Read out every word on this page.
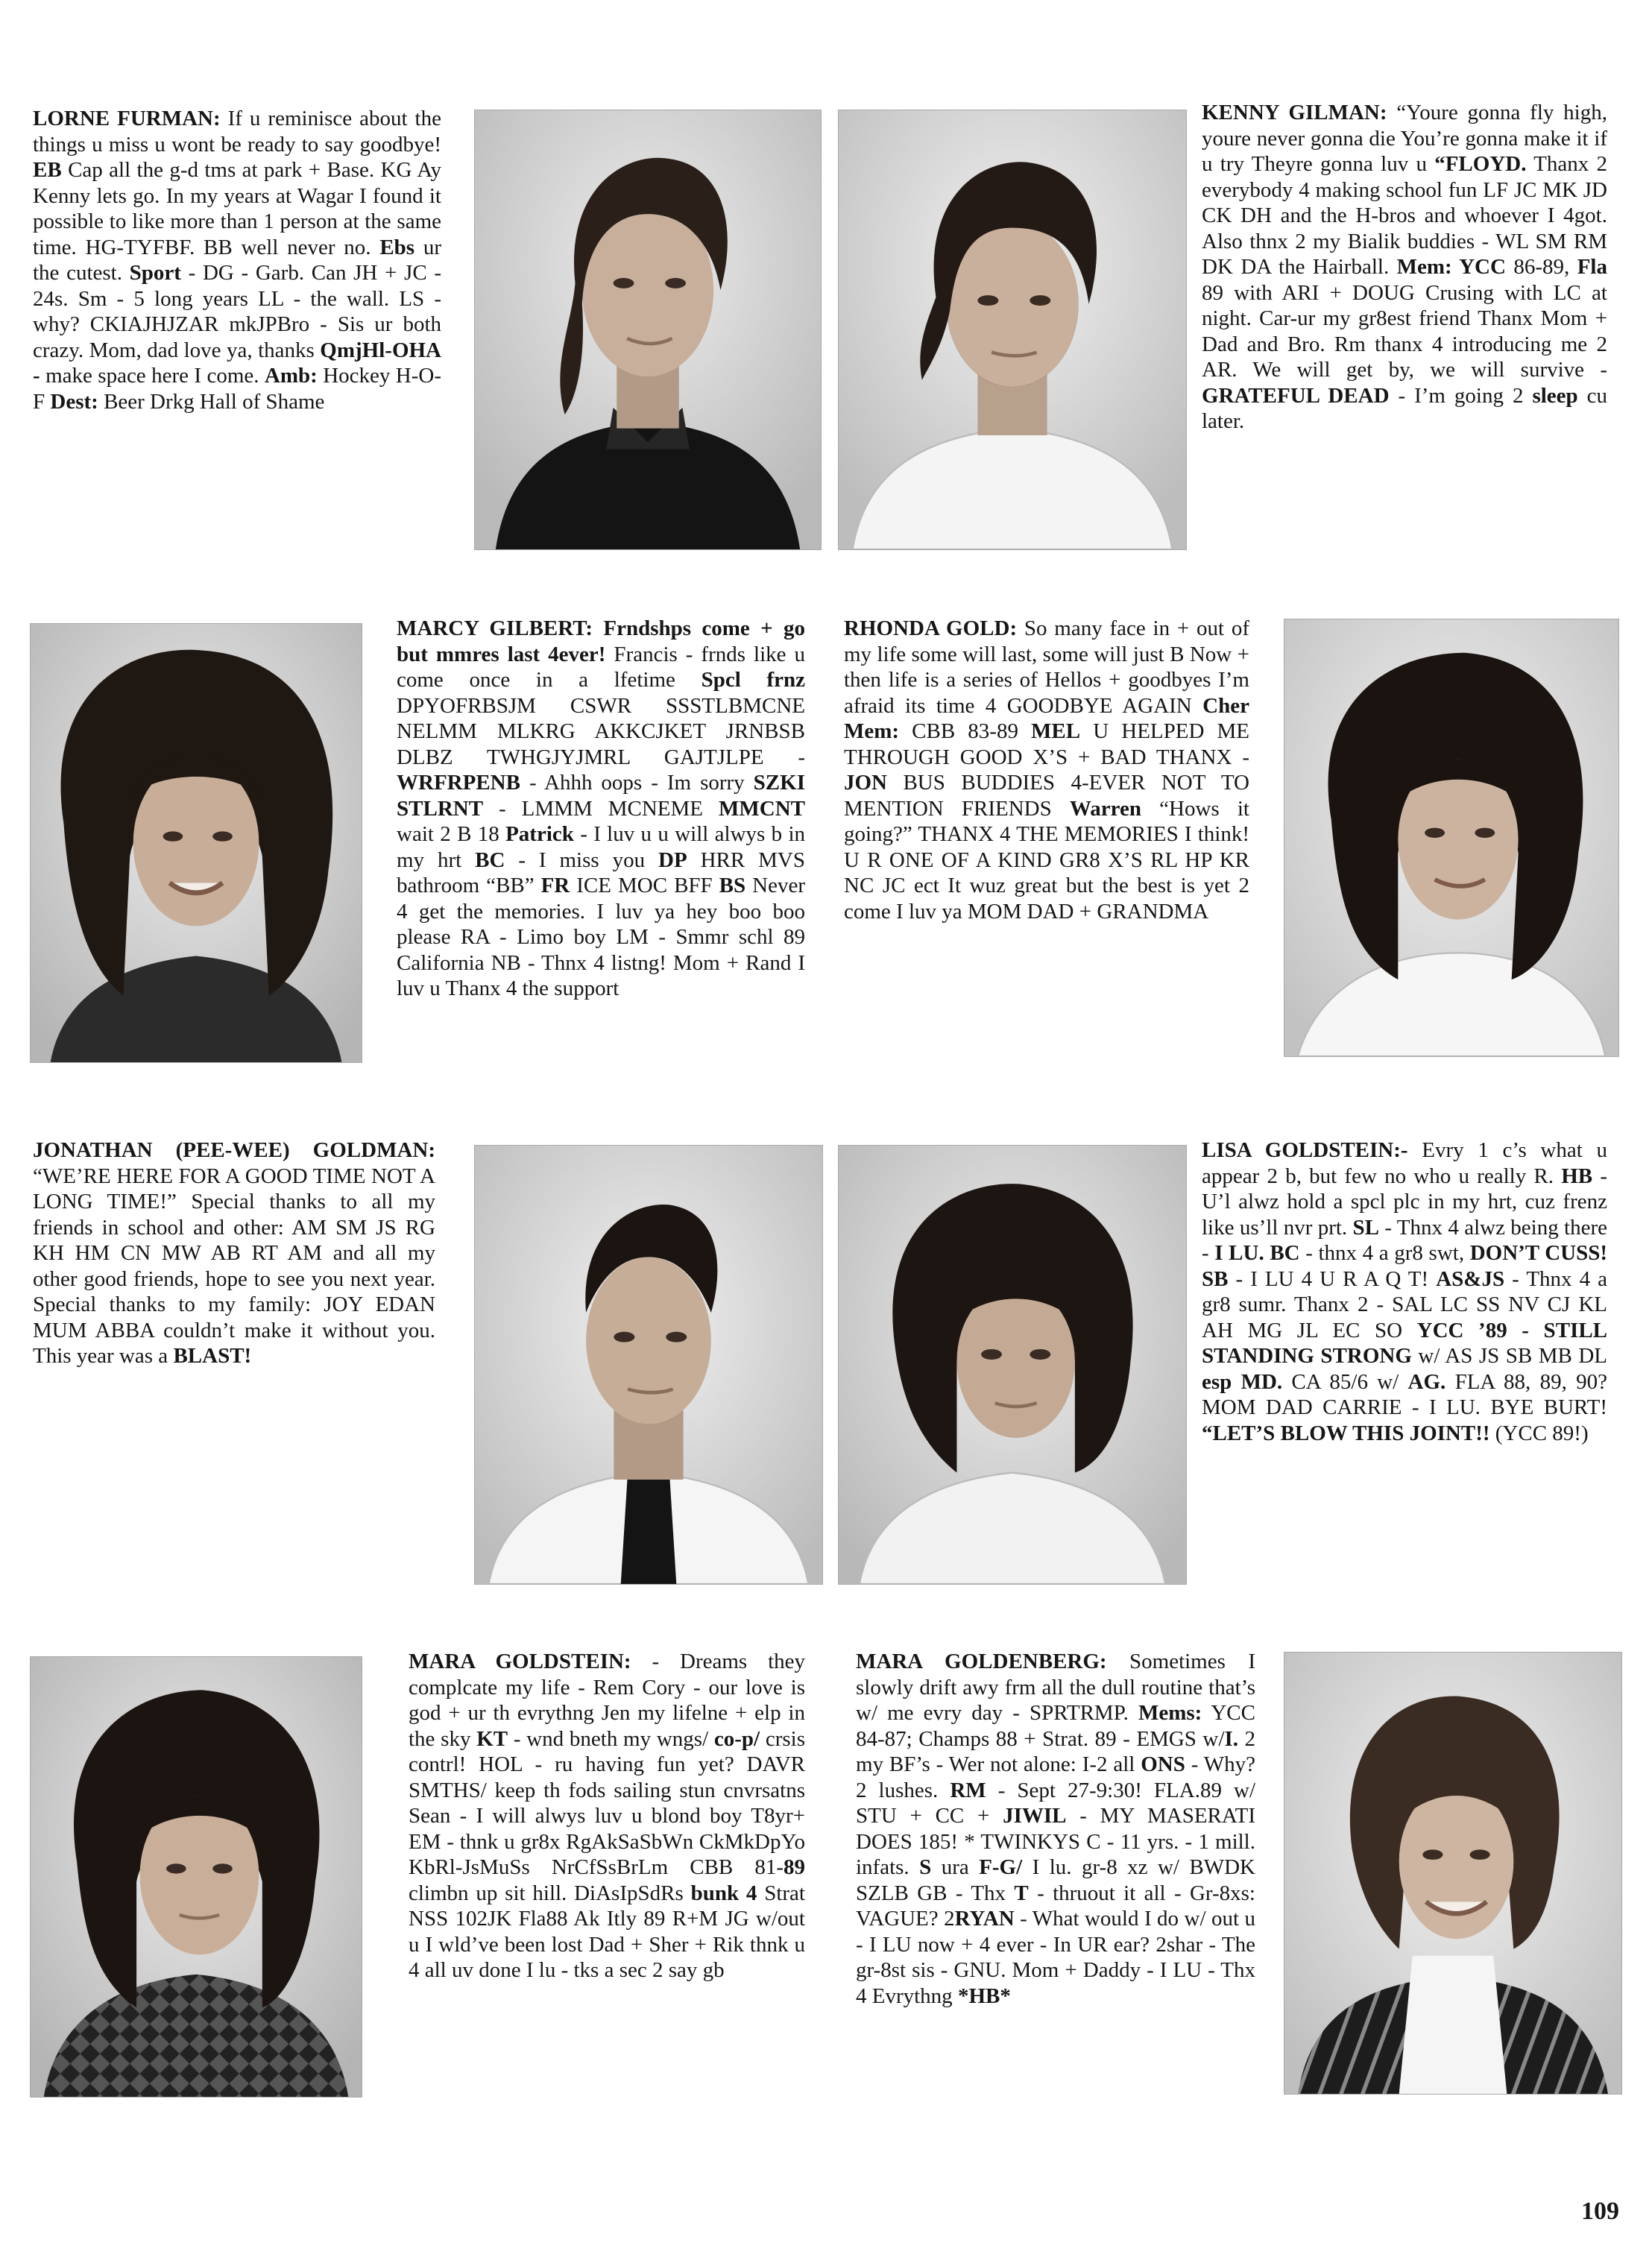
LORNE FURMAN: If u reminisce about the things u miss u wont be ready to say goodbye! EB Cap all the g-d tms at park + Base. KG Ay Kenny lets go. In my years at Wagar I found it possible to like more than 1 person at the same time. HG-TYFBF. BB well never no. Ebs ur the cutest. Sport - DG - Garb. Can JH + JC - 24s. Sm - 5 long years LL - the wall. LS - why? CKIAJHJZAR mkJPBro - Sis ur both crazy. Mom, dad love ya, thanks QmjHl-OHA - make space here I come. Amb: Hockey H-O-F Dest: Beer Drkg Hall of Shame

KENNY GILMAN: “Youre gonna fly high, youre never gonna die You’re gonna make it if u try Theyre gonna luv u “FLOYD. Thanx 2 everybody 4 making school fun LF JC MK JD CK DH and the H-bros and whoever I 4got. Also thnx 2 my Bialik buddies - WL SM RM DK DA the Hairball. Mem: YCC 86-89, Fla 89 with ARI + DOUG Crusing with LC at night. Car-ur my gr8est friend Thanx Mom + Dad and Bro. Rm thanx 4 introducing me 2 AR. We will get by, we will survive - GRATEFUL DEAD - I’m going 2 sleep cu later.

MARCY GILBERT: Frndshps come + go but mmres last 4ever! Francis - frnds like u come once in a lfetime Spcl frnz DPYOFRBSJM CSWR SSSTLBMCNE NELMM MLKRG AKKCJKET JRNBSB DLBZ TWHGJYJMRL GAJTJLPE - WRFRPENB - Ahhh oops - Im sorry SZKI STLRNT - LMMM MCNEME MMCNT wait 2 B 18 Patrick - I luv u u will alwys b in my hrt BC - I miss you DP HRR MVS bathroom “BB” FR ICE MOC BFF BS Never 4 get the memories. I luv ya hey boo boo please RA - Limo boy LM - Smmr schl 89 California NB - Thnx 4 listng! Mom + Rand I luv u Thanx 4 the support

RHONDA GOLD: So many face in + out of my life some will last, some will just B Now + then life is a series of Hellos + goodbyes I’m afraid its time 4 GOODBYE AGAIN Cher Mem: CBB 83-89 MEL U HELPED ME THROUGH GOOD X’S + BAD THANX - JON BUS BUDDIES 4-EVER NOT TO MENTION FRIENDS Warren “Hows it going?” THANX 4 THE MEMORIES I think! U R ONE OF A KIND GR8 X’S RL HP KR NC JC ect It wuz great but the best is yet 2 come I luv ya MOM DAD + GRANDMA

JONATHAN (PEE-WEE) GOLDMAN: “WE’RE HERE FOR A GOOD TIME NOT A LONG TIME!” Special thanks to all my friends in school and other: AM SM JS RG KH HM CN MW AB RT AM and all my other good friends, hope to see you next year. Special thanks to my family: JOY EDAN MUM ABBA couldn’t make it without you. This year was a BLAST!

LISA GOLDSTEIN:- Evry 1 c’s what u appear 2 b, but few no who u really R. HB - U’l alwz hold a spcl plc in my hrt, cuz frenz like us’ll nvr prt. SL - Thnx 4 alwz being there - I LU. BC - thnx 4 a gr8 swt, DON’T CUSS! SB - I LU 4 U R A Q T! AS&JS - Thnx 4 a gr8 sumr. Thanx 2 - SAL LC SS NV CJ KL AH MG JL EC SO YCC ’89 - STILL STANDING STRONG w/ AS JS SB MB DL esp MD. CA 85/6 w/ AG. FLA 88, 89, 90? MOM DAD CARRIE - I LU. BYE BURT! “LET’S BLOW THIS JOINT!! (YCC 89!)

MARA GOLDSTEIN: - Dreams they complcate my life - Rem Cory - our love is god + ur th evrythng Jen my lifelne + elp in the sky KT - wnd bneth my wngs/ co-p/ crsis contrl! HOL - ru having fun yet? DAVR SMTHS/ keep th fods sailing stun cnvrsatns Sean - I will alwys luv u blond boy T8yr+ EM - thnk u gr8x RgAkSaSbWn CkMkDpYo KbRl-JsMuSs NrCfSsBrLm CBB 81-89 climbn up sit hill. DiAsIpSdRs bunk 4 Strat NSS 102JK Fla88 Ak Itly 89 R+M JG w/out u I wld’ve been lost Dad + Sher + Rik thnk u 4 all uv done I lu - tks a sec 2 say gb

MARA GOLDENBERG: Sometimes I slowly drift awy frm all the dull routine that’s w/ me evry day - SPRTRMP. Mems: YCC 84-87; Champs 88 + Strat. 89 - EMGS w/I. 2 my BF’s - Wer not alone: I-2 all ONS - Why?2 lushes. RM - Sept 27-9:30! FLA.89 w/ STU + CC + JIWIL - MY MASERATI DOES 185! * TWINKYS C - 11 yrs. - 1 mill. infats. S ura F-G/ I lu. gr-8 xz w/ BWDK SZLB GB - Thx T - thruout it all - Gr-8xs: VAGUE? 2RYAN - What would I do w/ out u - I LU now + 4 ever - In UR ear? 2shar - The gr-8st sis - GNU. Mom + Daddy - I LU - Thx 4 Evrythng *HB*

109
